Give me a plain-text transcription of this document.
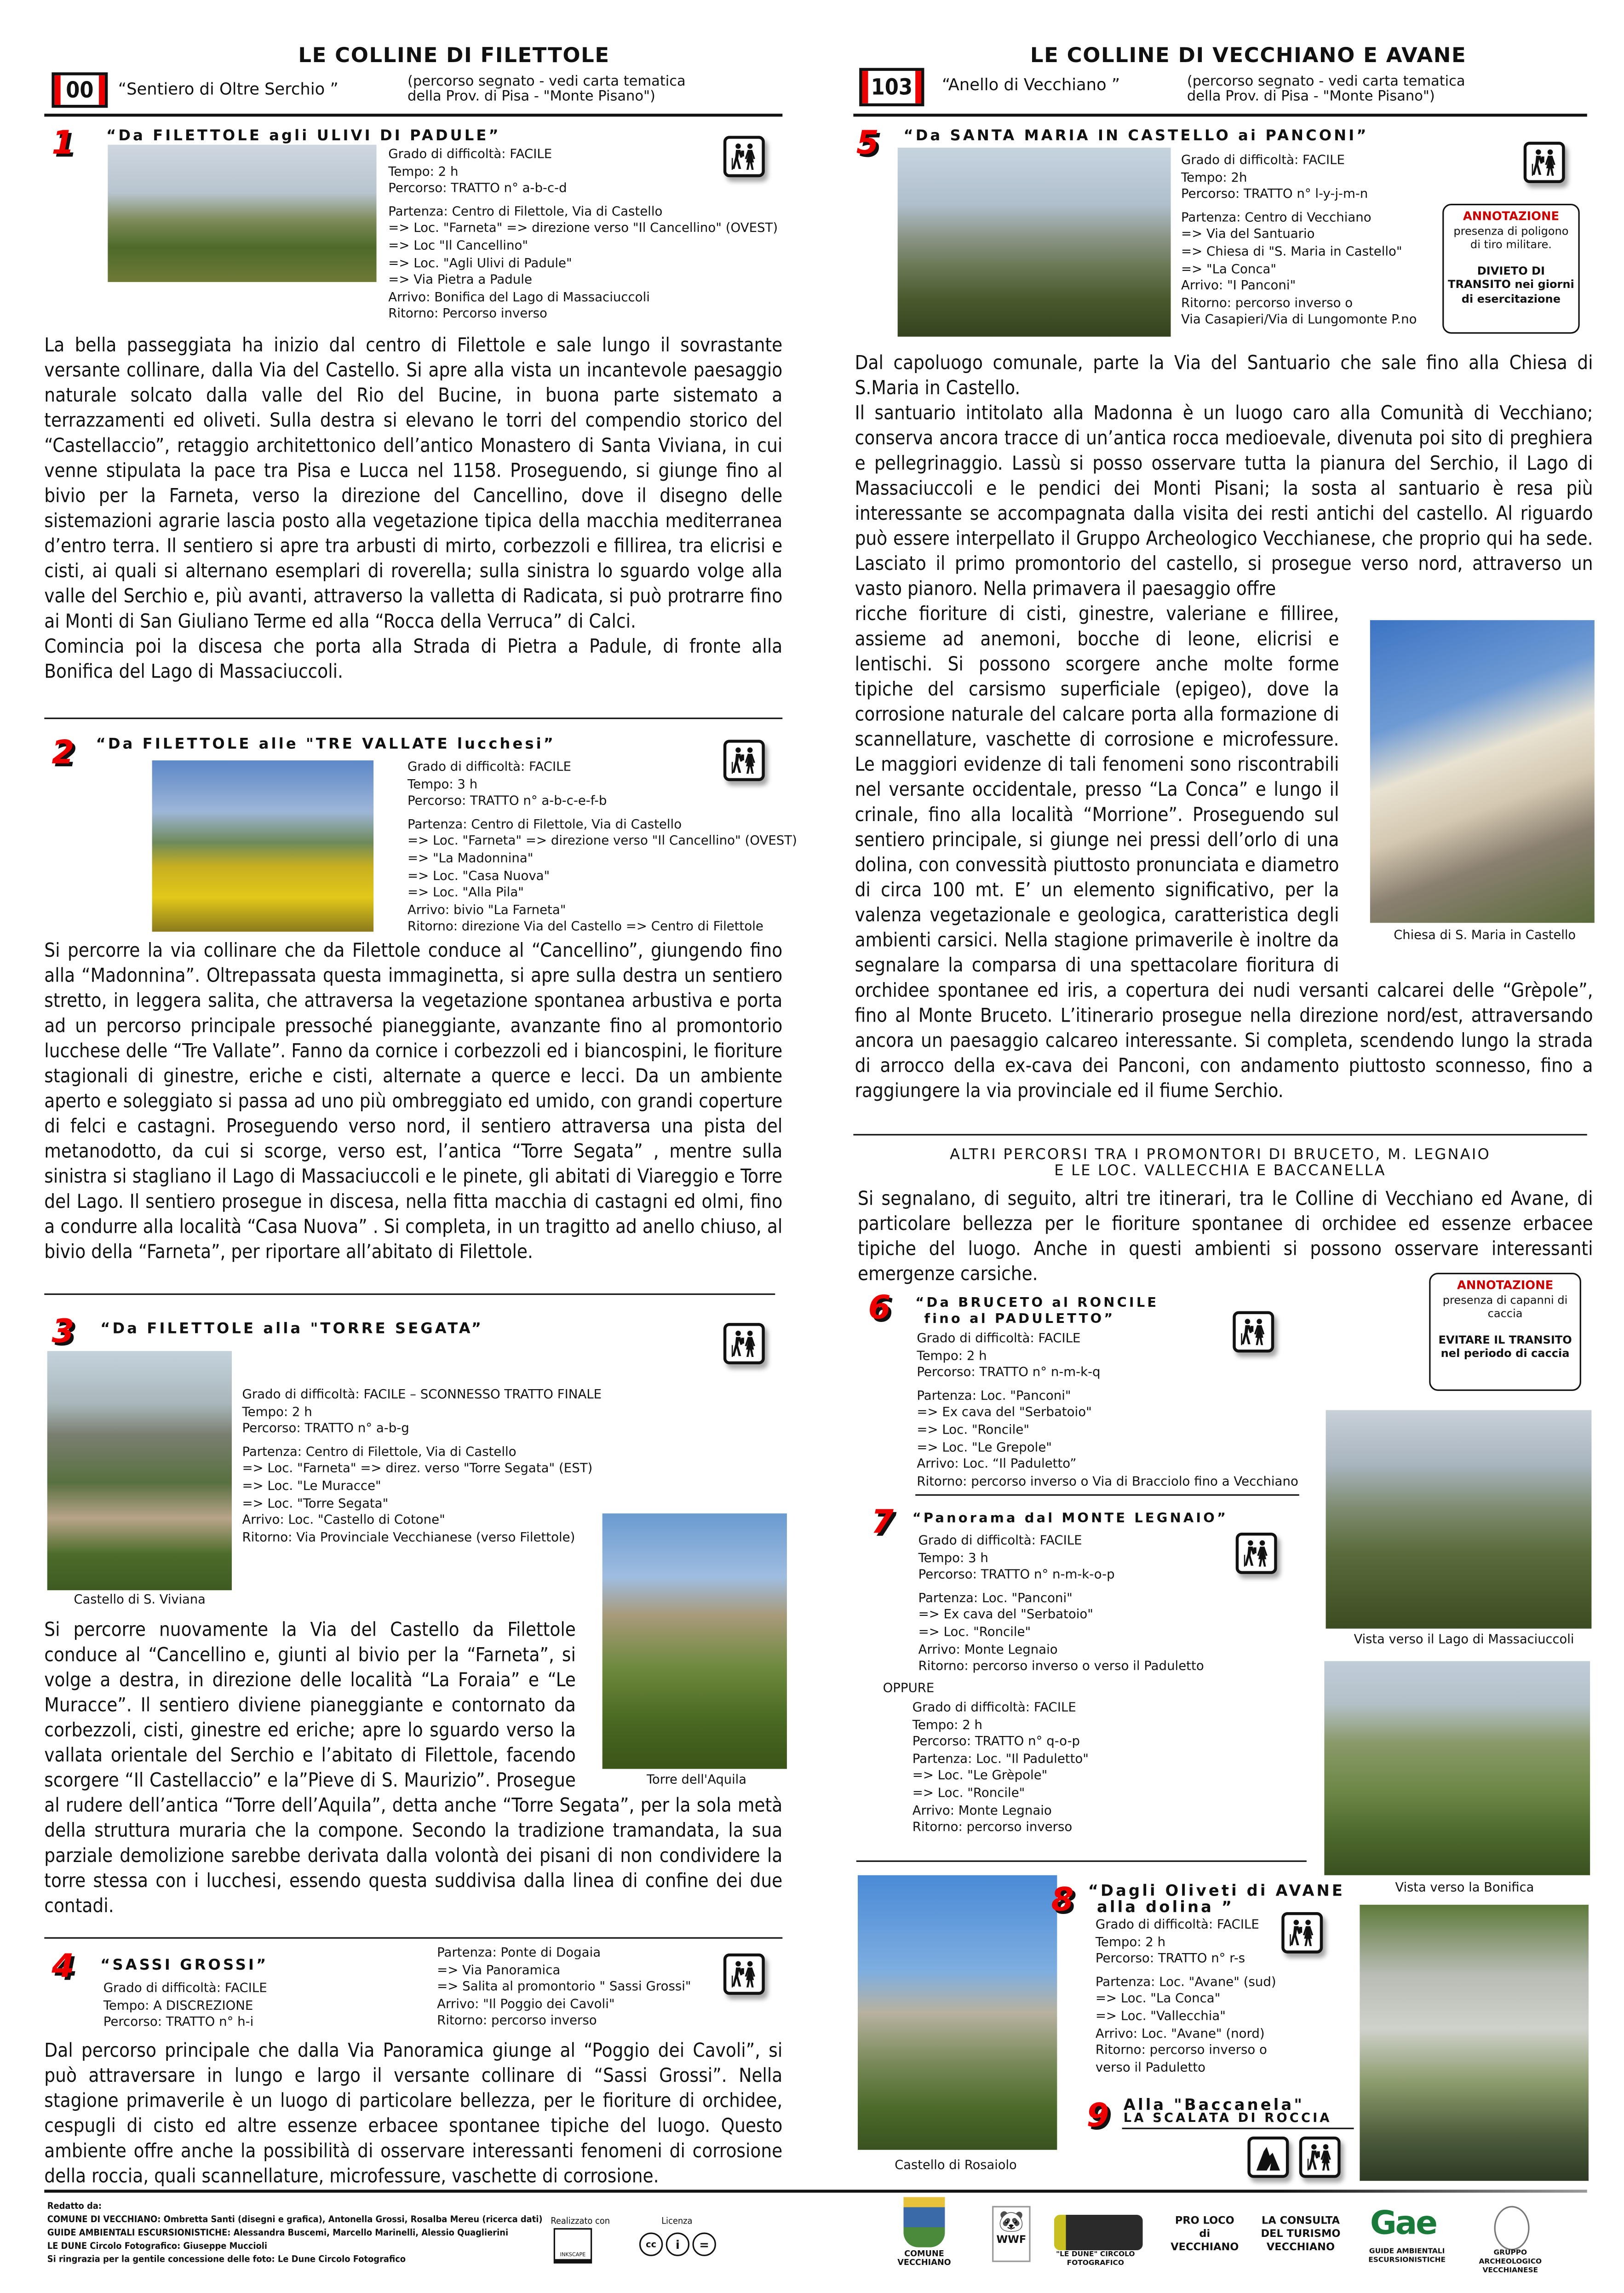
LE COLLINE DI FILETTOLE
00	“Sentiero di Oltre Serchio ”	(percorso segnato - vedi carta tematica
della Prov. di Pisa - "Monte Pisano")
1	“Da FILETTOLE agli ULIVI DI PADULE”
Grado di difficoltà: FACILE
Tempo: 2 h
Percorso: TRATTO n° a-b-c-d
Partenza: Centro di Filettole, Via di Castello
=> Loc. "Farneta" => direzione verso "Il Cancellino" (OVEST)
=> Loc "Il Cancellino"
=> Loc. "Agli Ulivi di Padule"
=> Via Pietra a Padule
Arrivo: Bonifica del Lago di Massaciuccoli
Ritorno: Percorso inverso

La bella passeggiata ha inizio dal centro di Filettole e sale lungo il sovrastante versante collinare, dalla Via del Castello. Si apre alla vista un incantevole paesaggio naturale solcato dalla valle del Rio del Bucine, in buona parte sistemato a terrazzamenti ed oliveti. Sulla destra si elevano le torri del compendio storico del “Castellaccio”, retaggio architettonico dell’antico Monastero di Santa Viviana, in cui venne stipulata la pace tra Pisa e Lucca nel 1158. Proseguendo, si giunge fino al bivio per la Farneta, verso la direzione del Cancellino, dove il disegno delle sistemazioni agrarie lascia posto alla vegetazione tipica della macchia mediterranea d’entro terra. Il sentiero si apre tra arbusti di mirto, corbezzoli e fillirea, tra elicrisi e cisti, ai quali si alternano esemplari di roverella; sulla sinistra lo sguardo volge alla valle del Serchio e, più avanti, attraverso la valletta di Radicata, si può protrarre fino ai Monti di San Giuliano Terme ed alla “Rocca della Verruca” di Calci.

Comincia poi la discesa che porta alla Strada di Pietra a Padule, di fronte alla Bonifica del Lago di Massaciuccoli.

2	“Da FILETTOLE alle "TRE VALLATE lucchesi”
Grado di difficoltà: FACILE
Tempo: 3 h
Percorso: TRATTO n° a-b-c-e-f-b
Partenza: Centro di Filettole, Via di Castello
=> Loc. "Farneta" => direzione verso "Il Cancellino" (OVEST)
=> "La Madonnina"
=> Loc. "Casa Nuova"
=> Loc. "Alla Pila"
Arrivo: bivio "La Farneta"
Ritorno: direzione Via del Castello => Centro di Filettole

Si percorre la via collinare che da Filettole conduce al “Cancellino”, giungendo fino alla “Madonnina”. Oltrepassata questa immaginetta, si apre sulla destra un sentiero stretto, in leggera salita, che attraversa la vegetazione spontanea arbustiva e porta ad un percorso principale pressoché pianeggiante, avanzante fino al promontorio lucchese delle “Tre Vallate”. Fanno da cornice i corbezzoli ed i biancospini, le fioriture stagionali di ginestre, eriche e cisti, alternate a querce e lecci. Da un ambiente aperto e soleggiato si passa ad uno più ombreggiato ed umido, con grandi coperture di felci e castagni. Proseguendo verso nord, il sentiero attraversa una pista del metanodotto, da cui si scorge, verso est, l’antica “Torre Segata” , mentre sulla sinistra si stagliano il Lago di Massaciuccoli e le pinete, gli abitati di Viareggio e Torre del Lago. Il sentiero prosegue in discesa, nella fitta macchia di castagni ed olmi, fino a condurre alla località “Casa Nuova” . Si completa, in un tragitto ad anello chiuso, al bivio della “Farneta”, per riportare all’abitato di Filettole.

3	“Da FILETTOLE alla "TORRE SEGATA”
Castello di S. Viviana
Grado di difficoltà: FACILE – SCONNESSO TRATTO FINALE
Tempo: 2 h
Percorso: TRATTO n° a-b-g
Partenza: Centro di Filettole, Via di Castello
=> Loc. "Farneta" => direz. verso "Torre Segata" (EST)
=> Loc. "Le Muracce"
=> Loc. "Torre Segata"
Arrivo: Loc. "Castello di Cotone"
Ritorno: Via Provinciale Vecchianese (verso Filettole)
Torre dell'Aquila

Si percorre nuovamente la Via del Castello da Filettole conduce al “Cancellino e, giunti al bivio per la “Farneta”, si volge a destra, in direzione delle località “La Foraia” e “Le Muracce”. Il sentiero diviene pianeggiante e contornato da corbezzoli, cisti, ginestre ed eriche; apre lo sguardo verso la vallata orientale del Serchio e l’abitato di Filettole, facendo scorgere “Il Castellaccio” e la”Pieve di S. Maurizio”. Prosegue al rudere dell’antica “Torre dell’Aquila”, detta anche “Torre Segata”, per la sola metà della struttura muraria che la compone. Secondo la tradizione tramandata, la sua parziale demolizione sarebbe derivata dalla volontà dei pisani di non condividere la torre stessa con i lucchesi, essendo questa suddivisa dalla linea di confine dei due contadi.

4	“SASSI GROSSI”
Grado di difficoltà: FACILE
Tempo: A DISCREZIONE
Percorso: TRATTO n° h-i
Partenza: Ponte di Dogaia
=> Via Panoramica
=> Salita al promontorio " Sassi Grossi"
Arrivo: "Il Poggio dei Cavoli"
Ritorno: percorso inverso

Dal percorso principale che dalla Via Panoramica giunge al “Poggio dei Cavoli”, si può attraversare in lungo e largo il versante collinare di “Sassi Grossi”. Nella stagione primaverile è un luogo di particolare bellezza, per le fioriture di orchidee, cespugli di cisto ed altre essenze erbacee spontanee tipiche del luogo. Questo ambiente offre anche la possibilità di osservare interessanti fenomeni di corrosione della roccia, quali scannellature, microfessure, vaschette di corrosione.

LE COLLINE DI VECCHIANO E AVANE
103	“Anello di Vecchiano ”	(percorso segnato - vedi carta tematica
della Prov. di Pisa - "Monte Pisano")
5	“Da SANTA MARIA IN CASTELLO ai PANCONI”
Grado di difficoltà: FACILE
Tempo: 2h
Percorso: TRATTO n° l-y-j-m-n
Partenza: Centro di Vecchiano
=> Via del Santuario
=> Chiesa di "S. Maria in Castello"
=> "La Conca"
Arrivo: "I Panconi"
Ritorno: percorso inverso o
Via Casapieri/Via di Lungomonte P.no
ANNOTAZIONE
presenza di poligono di tiro militare.
DIVIETO DI TRANSITO nei giorni di esercitazione

Dal capoluogo comunale, parte la Via del Santuario che sale fino alla Chiesa di S.Maria in Castello.

Il santuario intitolato alla Madonna è un luogo caro alla Comunità di Vecchiano; conserva ancora tracce di un’antica rocca medioevale, divenuta poi sito di preghiera e pellegrinaggio. Lassù si posso osservare tutta la pianura del Serchio, il Lago di Massaciuccoli e le pendici dei Monti Pisani; la sosta al santuario è resa più interessante se accompagnata dalla visita dei resti antichi del castello. Al riguardo può essere interpellato il Gruppo Archeologico Vecchianese, che proprio qui ha sede. Lasciato il primo promontorio del castello, si prosegue verso nord, attraverso un vasto pianoro. Nella primavera il paesaggio offre

ricche fioriture di cisti, ginestre, valeriane e filliree, assieme ad anemoni, bocche di leone, elicrisi e lentischi. Si possono scorgere anche molte forme tipiche del carsismo superficiale (epigeo), dove la corrosione naturale del calcare porta alla formazione di scannellature, vaschette di corrosione e microfessure. Le maggiori evidenze di tali fenomeni sono riscontrabili nel versante occidentale, presso “La Conca” e lungo il crinale, fino alla località “Morrione”. Proseguendo sul sentiero principale, si giunge nei pressi dell’orlo di una dolina, con convessità piuttosto pronunciata e diametro di circa 100 mt. E’ un elemento significativo, per la valenza vegetazionale e geologica, caratteristica degli ambienti carsici. Nella stagione primaverile è inoltre da segnalare la comparsa di una spettacolare fioritura di orchidee spontanee ed iris, a copertura dei nudi versanti calcarei delle “Grèpole”, fino al Monte Bruceto. L’itinerario prosegue nella direzione nord/est, attraversando ancora un paesaggio calcareo interessante. Si completa, scendendo lungo la strada di arrocco della ex-cava dei Panconi, con andamento piuttosto sconnesso, fino a raggiungere la via provinciale ed il fiume Serchio.

Chiesa di S. Maria in Castello
ALTRI PERCORSI TRA I PROMONTORI DI BRUCETO, M. LEGNAIO
E LE LOC. VALLECCHIA E BACCANELLA

Si segnalano, di seguito, altri tre itinerari, tra le Colline di Vecchiano ed Avane, di particolare bellezza per le fioriture spontanee di orchidee ed essenze erbacee tipiche del luogo. Anche in questi ambienti si possono osservare interessanti emergenze carsiche.

6	“Da BRUCETO al RONCILE
fino al PADULETTO”
Grado di difficoltà: FACILE
Tempo: 2 h
Percorso: TRATTO n° n-m-k-q
Partenza: Loc. "Panconi"
=> Ex cava del "Serbatoio"
=> Loc. "Roncile"
=> Loc. "Le Grepole"
Arrivo: Loc. “Il Paduletto”
Ritorno: percorso inverso o Via di Bracciolo fino a Vecchiano
ANNOTAZIONE
presenza di capanni di caccia
EVITARE IL TRANSITO nel periodo di caccia
Vista verso il Lago di Massaciuccoli
7	“Panorama dal MONTE LEGNAIO”
Grado di difficoltà: FACILE
Tempo: 3 h
Percorso: TRATTO n° n-m-k-o-p
Partenza: Loc. "Panconi"
=> Ex cava del "Serbatoio"
=> Loc. "Roncile"
Arrivo: Monte Legnaio
Ritorno: percorso inverso o verso il Paduletto
OPPURE
Grado di difficoltà: FACILE
Tempo: 2 h
Percorso: TRATTO n° q-o-p
Partenza: Loc. "Il Paduletto"
=> Loc. "Le Grèpole"
=> Loc. "Roncile"
Arrivo: Monte Legnaio
Ritorno: percorso inverso
Vista verso la Bonifica
Castello di Rosaiolo
8	“Dagli Oliveti di AVANE
alla dolina ”
Grado di difficoltà: FACILE
Tempo: 2 h
Percorso: TRATTO n° r-s
Partenza: Loc. "Avane" (sud)
=> Loc. "La Conca"
=> Loc. "Vallecchia"
Arrivo: Loc. "Avane" (nord)
Ritorno: percorso inverso o
verso il Paduletto
9	Alla "Baccanela"
LA SCALATA DI ROCCIA
Redatto da:
COMUNE DI VECCHIANO: Ombretta Santi (disegni e grafica), Antonella Grossi, Rosalba Mereu (ricerca dati)
GUIDE AMBIENTALI ESCURSIONISTICHE: Alessandra Buscemi, Marcello Marinelli, Alessio Quaglierini
LE DUNE Circolo Fotografico: Giuseppe Muccioli
Si ringrazia per la gentile concessione delle foto: Le Dune Circolo Fotografico
Realizzato con
INKSCAPE
Licenza
cc	i	=
COMUNE VECCHIANO
🐼
WWF
"LE DUNE" CIRCOLO FOTOGRAFICO
PRO LOCO di VECCHIANO
LA CONSULTA DEL TURISMO VECCHIANO
Gae
GUIDE AMBIENTALI ESCURSIONISTICHE
GRUPPO ARCHEOLOGICO VECCHIANESE
